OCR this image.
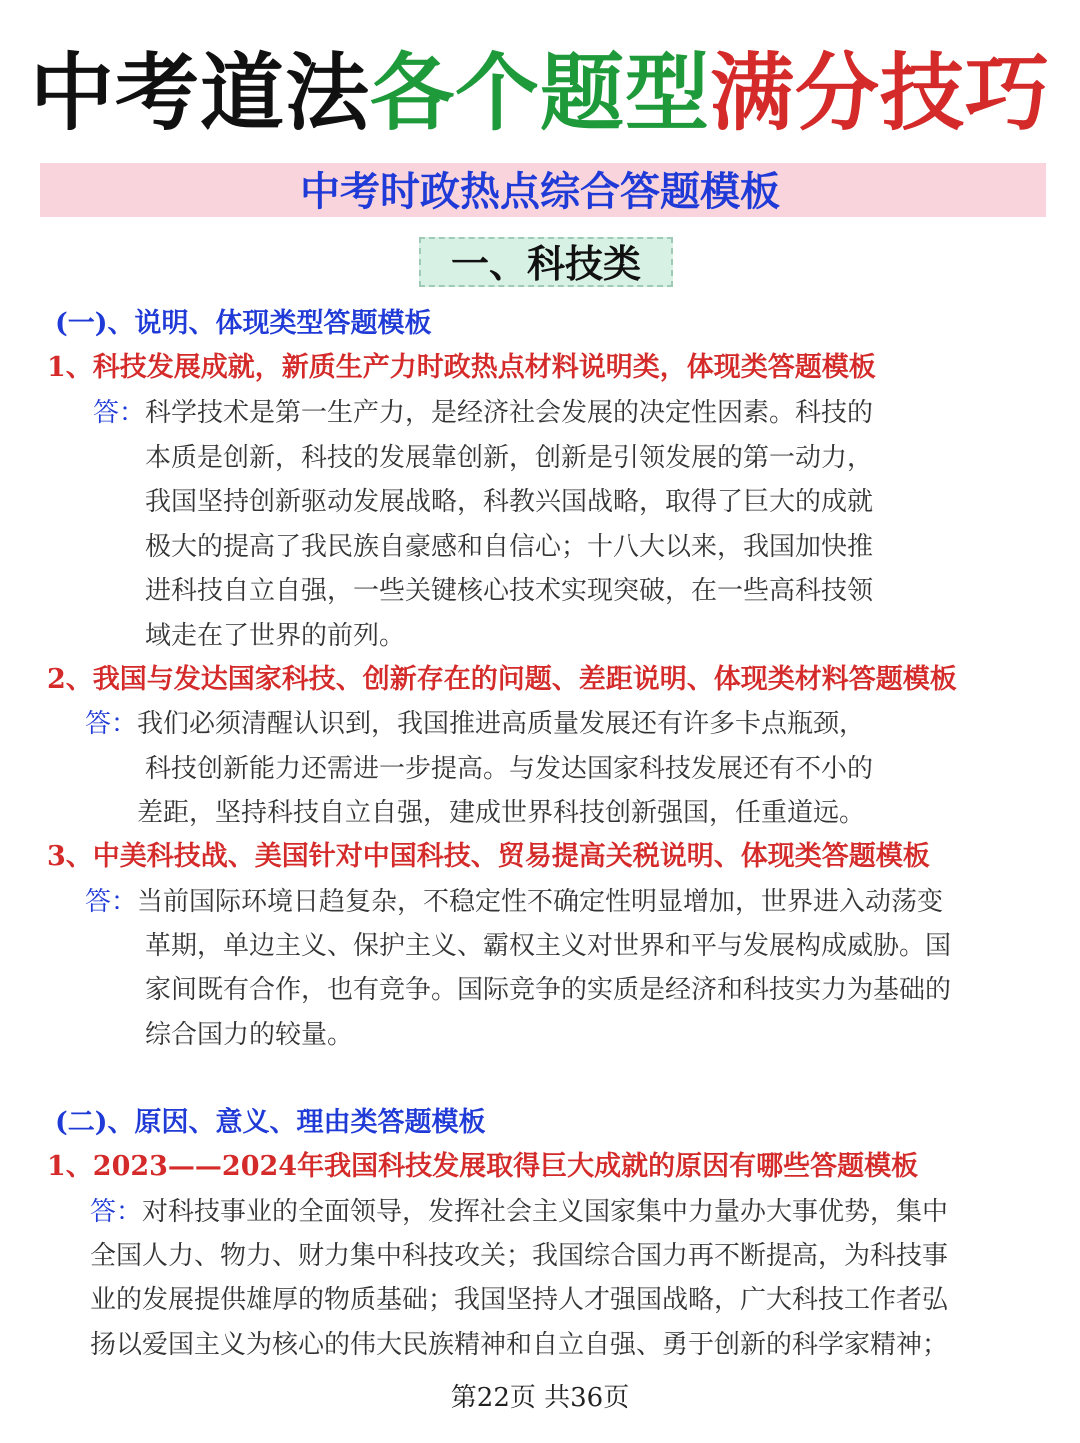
中考道法各个题型满分技巧
中考时政热点综合答题模板
一、科技类
(一)、说明、体现类型答题模板
1、科技发展成就，新质生产力时政热点材料说明类，体现类答题模板
答：科学技术是第一生产力，是经济社会发展的决定性因素。科技的
本质是创新，科技的发展靠创新，创新是引领发展的第一动力，
我国坚持创新驱动发展战略，科教兴国战略，取得了巨大的成就
极大的提高了我民族自豪感和自信心；十八大以来，我国加快推
进科技自立自强，一些关键核心技术实现突破，在一些高科技领
域走在了世界的前列。
2、我国与发达国家科技、创新存在的问题、差距说明、体现类材料答题模板
答：我们必须清醒认识到，我国推进高质量发展还有许多卡点瓶颈，
科技创新能力还需进一步提高。与发达国家科技发展还有不小的
差距，坚持科技自立自强，建成世界科技创新强国，任重道远。
3、中美科技战、美国针对中国科技、贸易提高关税说明、体现类答题模板
答：当前国际环境日趋复杂，不稳定性不确定性明显增加，世界进入动荡变
革期，单边主义、保护主义、霸权主义对世界和平与发展构成威胁。国
家间既有合作，也有竞争。国际竞争的实质是经济和科技实力为基础的
综合国力的较量。
(二)、原因、意义、理由类答题模板
1、2023——2024年我国科技发展取得巨大成就的原因有哪些答题模板
答：对科技事业的全面领导，发挥社会主义国家集中力量办大事优势，集中
全国人力、物力、财力集中科技攻关；我国综合国力再不断提高，为科技事
业的发展提供雄厚的物质基础；我国坚持人才强国战略，广大科技工作者弘
扬以爱国主义为核心的伟大民族精神和自立自强、勇于创新的科学家精神；
第22页 共36页
